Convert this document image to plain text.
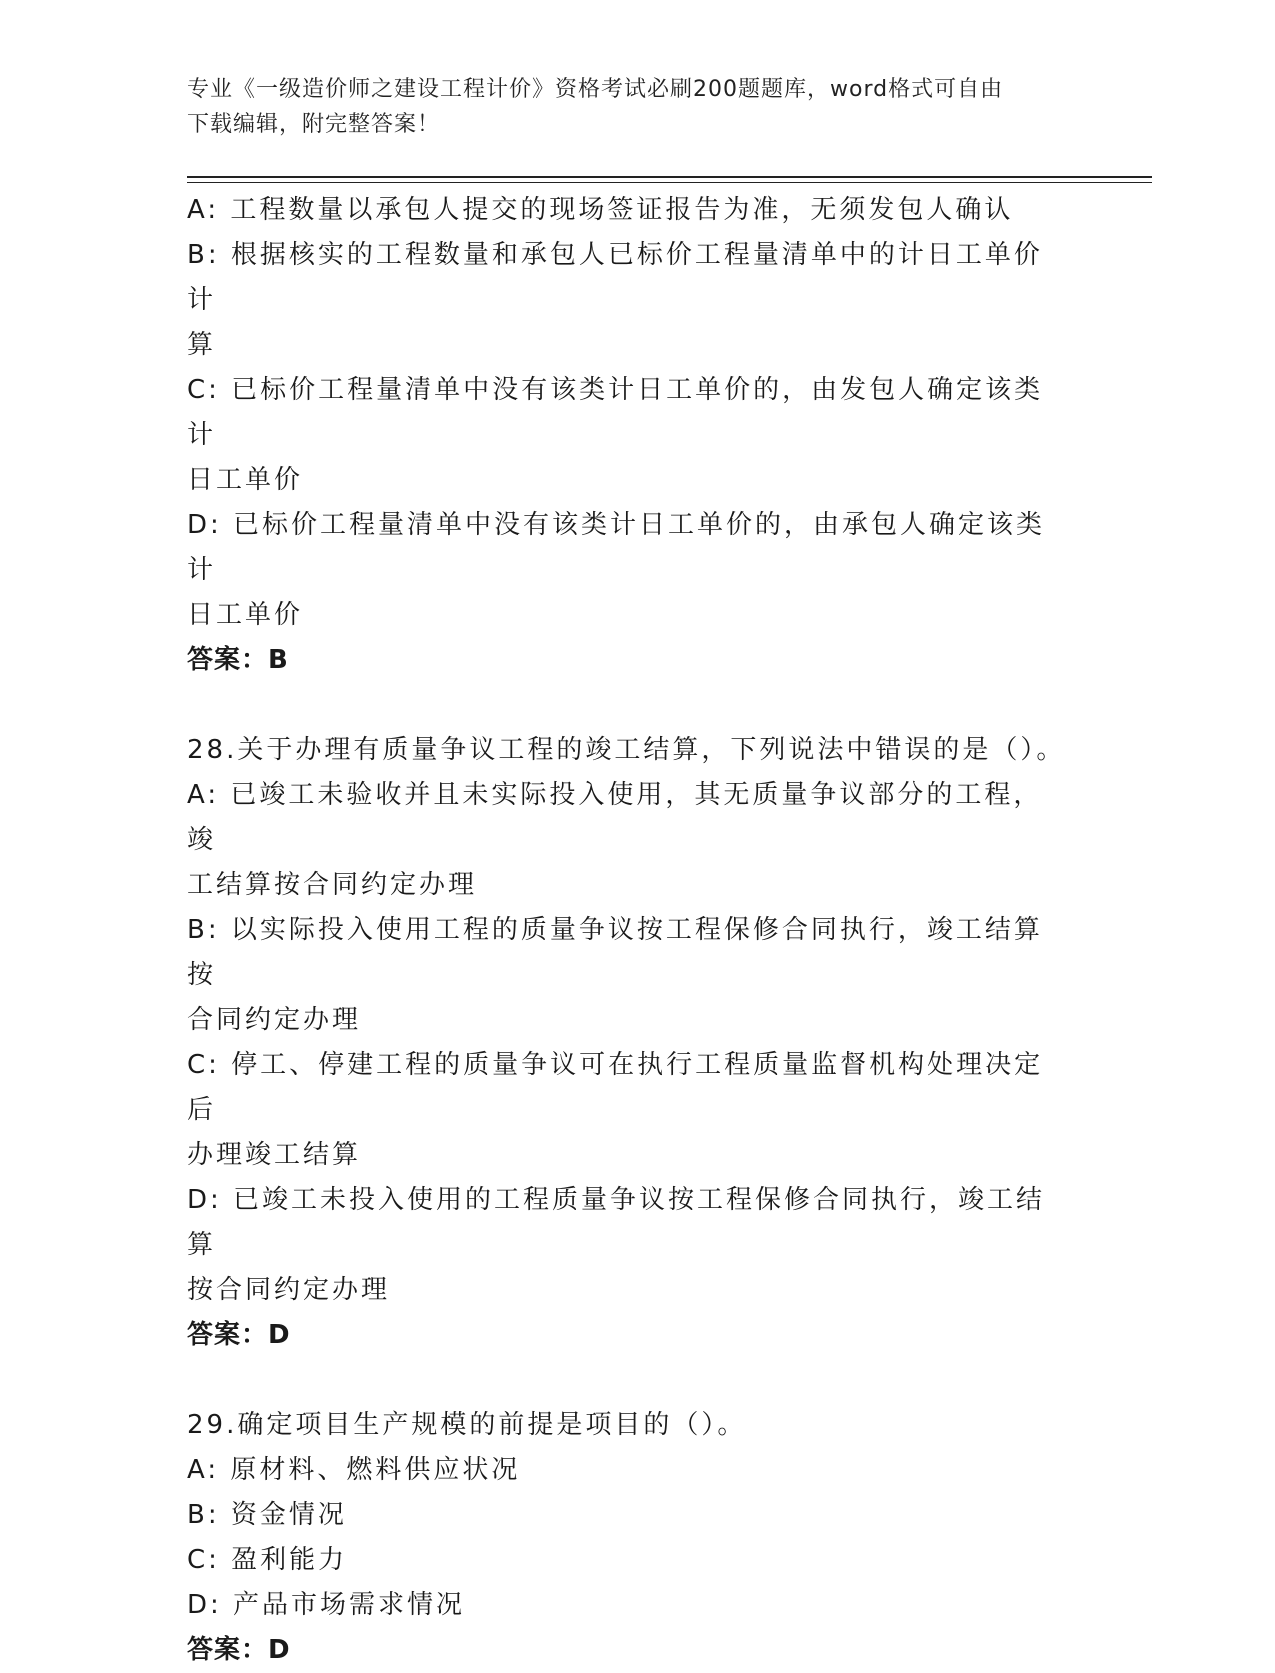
专业《一级造价师之建设工程计价》资格考试必刷200题题库，word格式可自由
下载编辑，附完整答案！
A: 工程数量以承包人提交的现场签证报告为准，无须发包人确认
B: 根据核实的工程数量和承包人已标价工程量清单中的计日工单价计
算
C: 已标价工程量清单中没有该类计日工单价的，由发包人确定该类计
日工单价
D: 已标价工程量清单中没有该类计日工单价的，由承包人确定该类计
日工单价
答案：B
28.关于办理有质量争议工程的竣工结算，下列说法中错误的是（）。
A: 已竣工未验收并且未实际投入使用，其无质量争议部分的工程，竣
工结算按合同约定办理
B: 以实际投入使用工程的质量争议按工程保修合同执行，竣工结算按
合同约定办理
C: 停工、停建工程的质量争议可在执行工程质量监督机构处理决定后
办理竣工结算
D: 已竣工未投入使用的工程质量争议按工程保修合同执行，竣工结算
按合同约定办理
答案：D
29.确定项目生产规模的前提是项目的（）。
A: 原材料、燃料供应状况
B: 资金情况
C: 盈利能力
D: 产品市场需求情况
答案：D
